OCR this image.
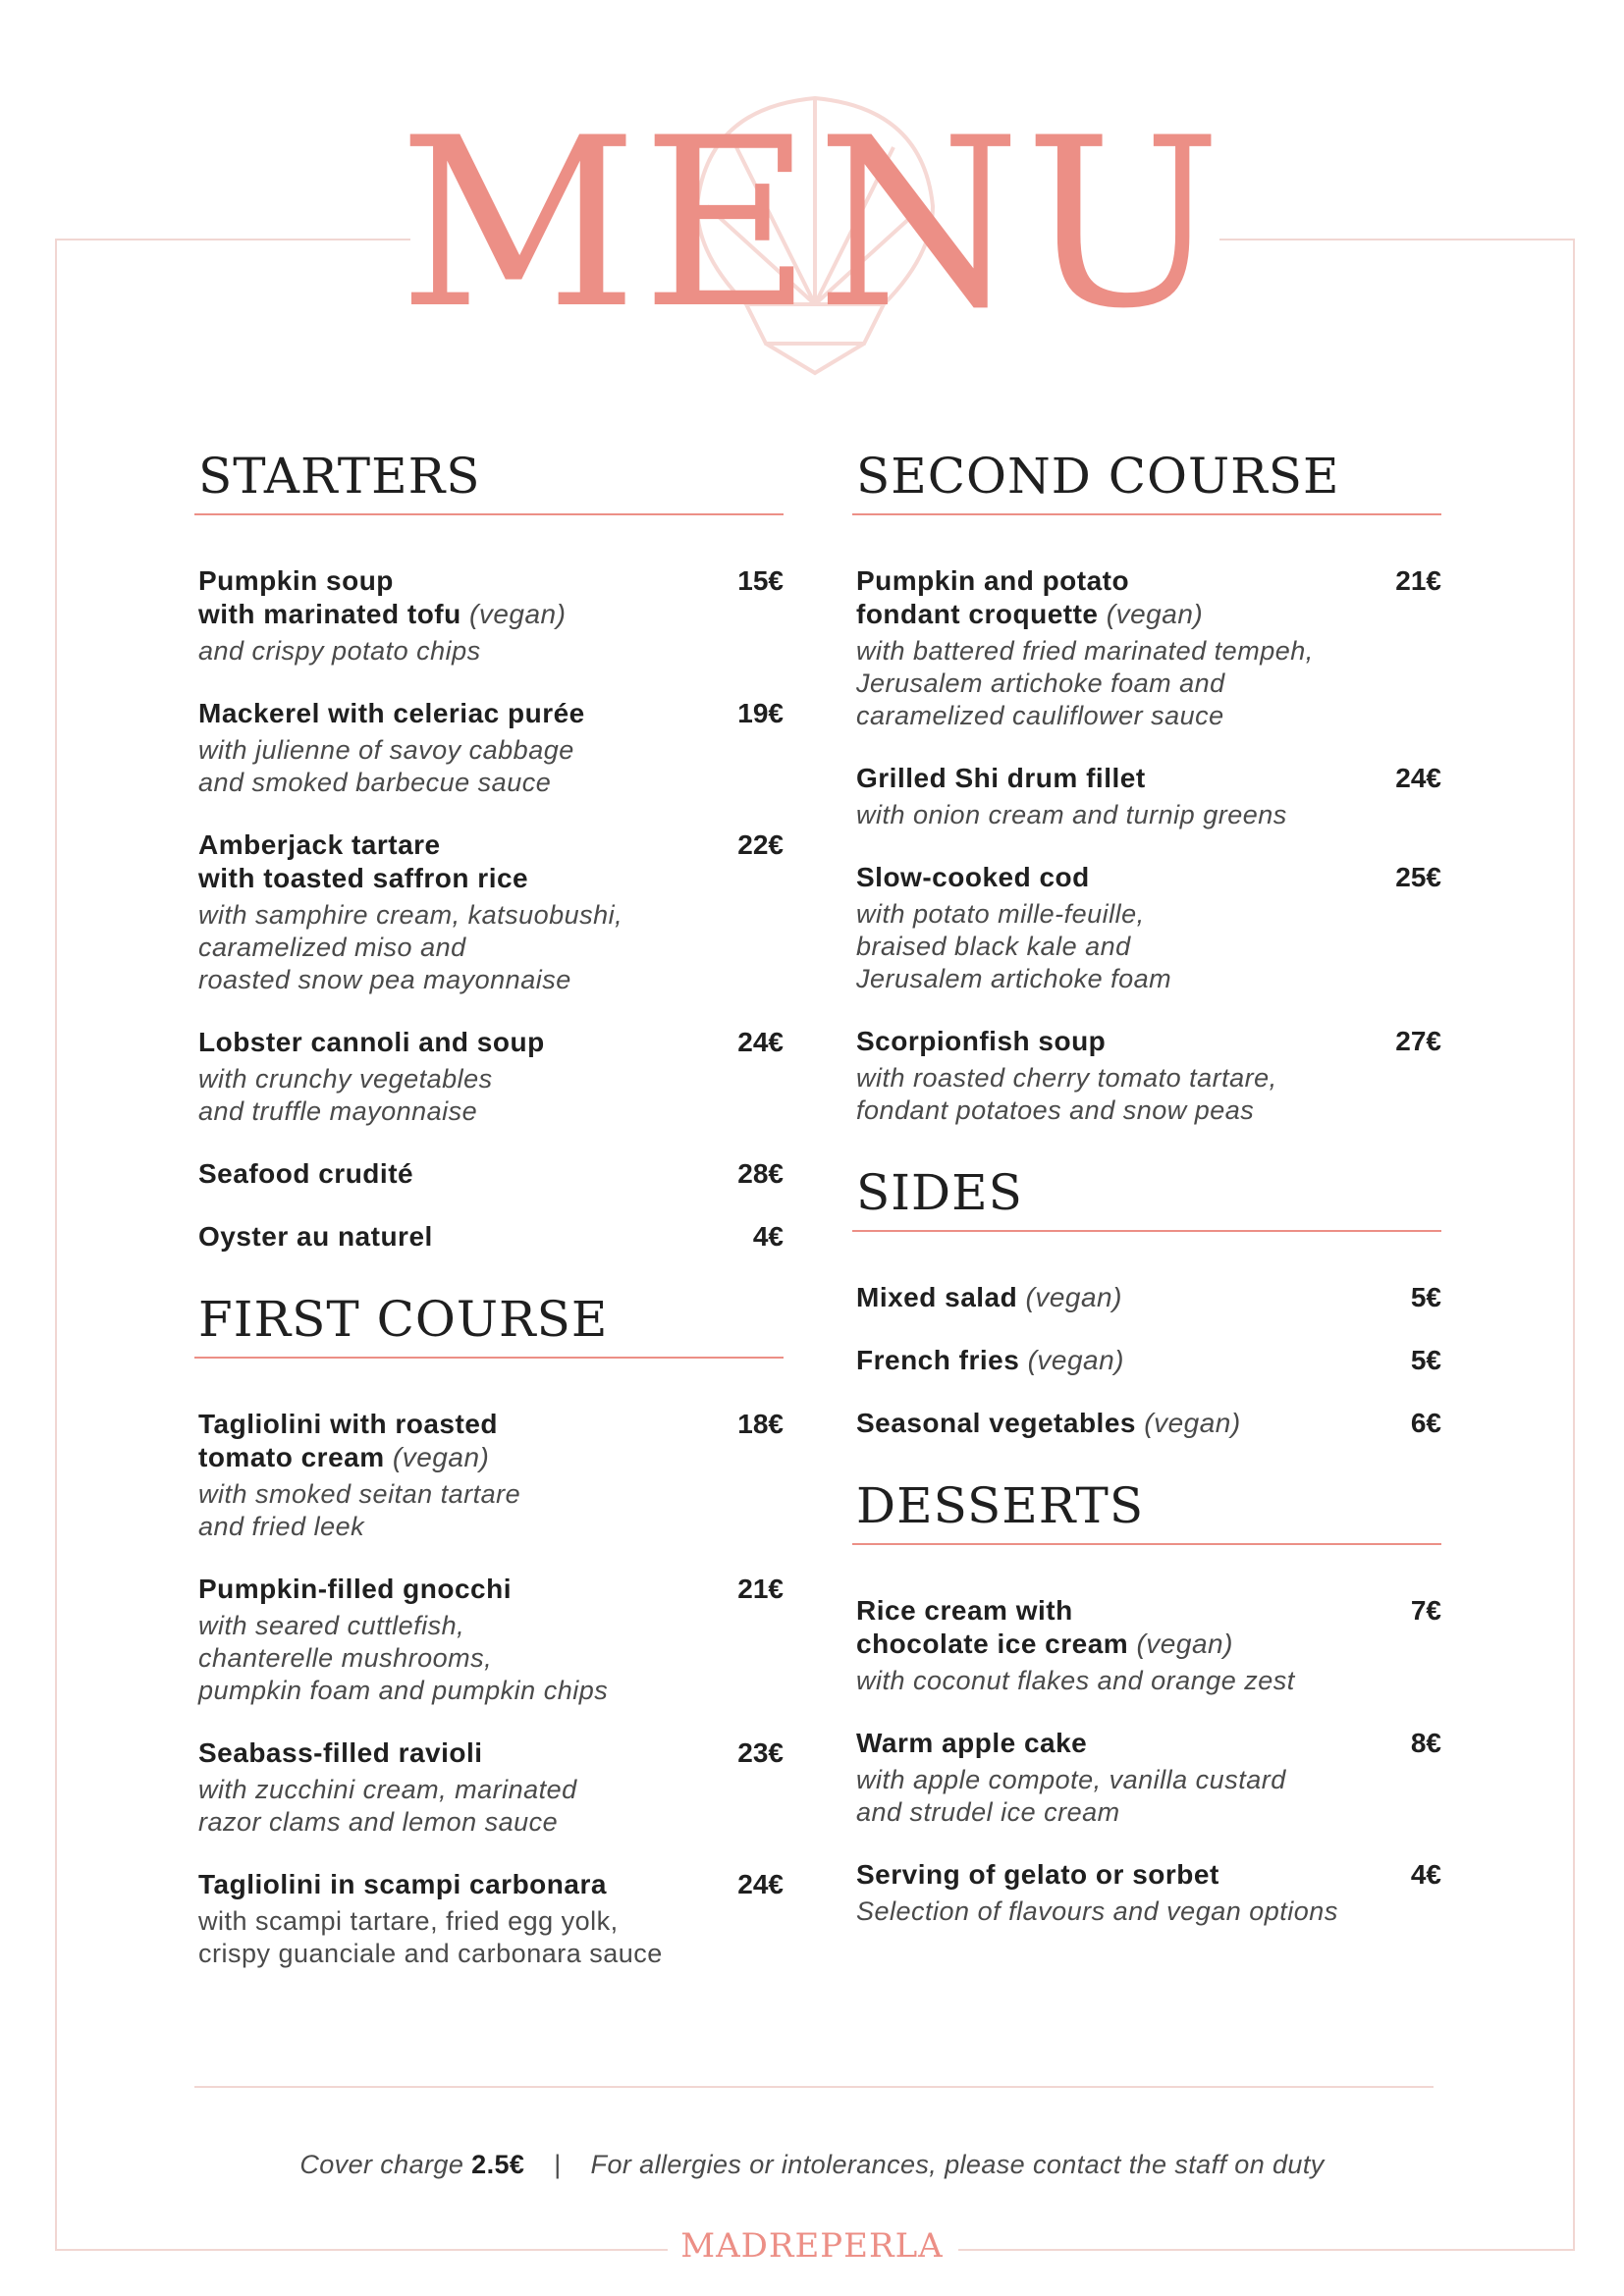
MENU
STARTERS
Pumpkin soup
with marinated tofu (vegan)
and crispy potato chips
15€
Mackerel with celeriac purée
with julienne of savoy cabbage
and smoked barbecue sauce
19€
Amberjack tartare
with toasted saffron rice
with samphire cream, katsuobushi,
caramelized miso and
roasted snow pea mayonnaise
22€
Lobster cannoli and soup
with crunchy vegetables
and truffle mayonnaise
24€
Seafood crudité	28€
Oyster au naturel	4€
FIRST COURSE
Tagliolini with roasted
tomato cream (vegan)
with smoked seitan tartare
and fried leek
18€
Pumpkin-filled gnocchi
with seared cuttlefish,
chanterelle mushrooms,
pumpkin foam and pumpkin chips
21€
Seabass-filled ravioli
with zucchini cream, marinated
razor clams and lemon sauce
23€
Tagliolini in scampi carbonara
with scampi tartare, fried egg yolk,
crispy guanciale and carbonara sauce
24€
SECOND COURSE
Pumpkin and potato
fondant croquette (vegan)
with battered fried marinated tempeh,
Jerusalem artichoke foam and
caramelized cauliflower sauce
21€
Grilled Shi drum fillet
with onion cream and turnip greens
24€
Slow-cooked cod
with potato mille-feuille,
braised black kale and
Jerusalem artichoke foam
25€
Scorpionfish soup
with roasted cherry tomato tartare,
fondant potatoes and snow peas
27€
SIDES
Mixed salad (vegan)	5€
French fries (vegan)	5€
Seasonal vegetables (vegan)	6€
DESSERTS
Rice cream with
chocolate ice cream (vegan)
with coconut flakes and orange zest
7€
Warm apple cake
with apple compote, vanilla custard
and strudel ice cream
8€
Serving of gelato or sorbet
Selection of flavours and vegan options
4€
Cover charge 2.5€ | For allergies or intolerances, please contact the staff on duty
MADREPERLA
